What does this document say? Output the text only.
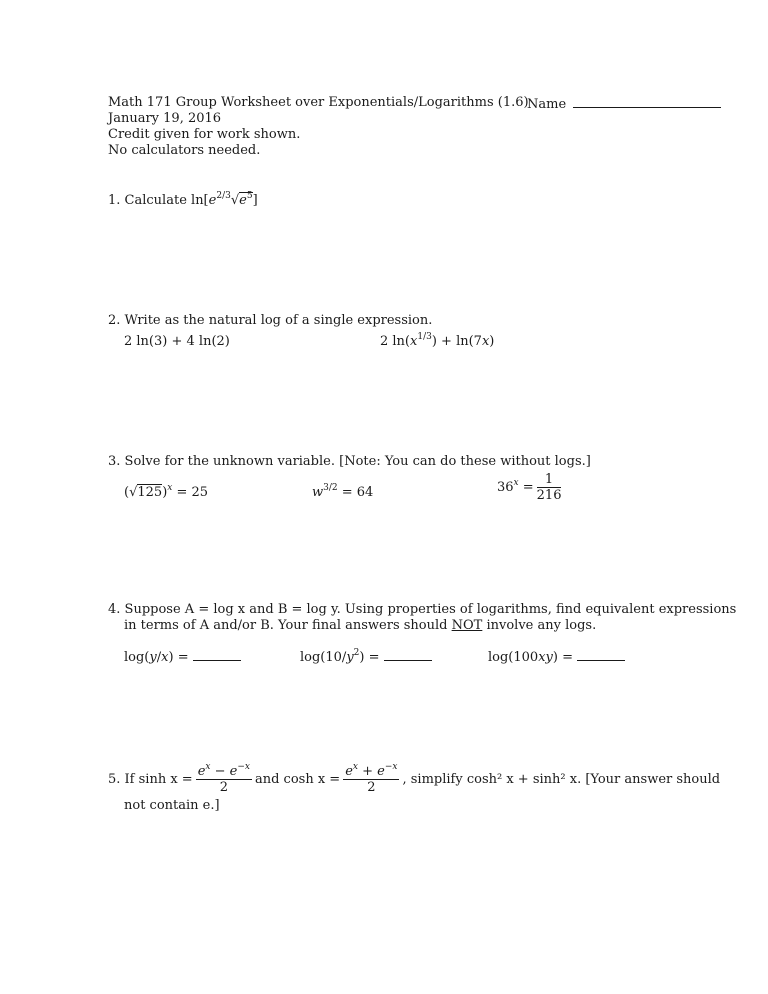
Math 171 Group Worksheet over Exponentials/Logarithms (1.6)
January 19, 2016
Credit given for work shown.
No calculators needed.
Name
1. Calculate $\ln[e^{2/3}√e^5]$
2. Write as the natural log of a single expression.
2 ln(3) + 4 ln(2)	2 $\ln(x^{1/3}) + \ln(7x)$
3. Solve for the unknown variable. [Note: You can do these without logs.]
$(√125)^x = 25$	$w^{3/2} = 64$	$36^x = \frac{1}{216}$
4. Suppose A = log x and B = log y. Using properties of logarithms, find equivalent expressions
in terms of A and/or B. Your final answers should NOT involve any logs.
log(y/x) =	$\log(10/y^2)$ =	log(100xy) =
5. If $\sinh x = \frac{e^x - e^{-x}}{2}$ and $\cosh x = \frac{e^x + e^{-x}}{2}$ , simplify cosh² x + sinh² x. [Your answer should
not contain e.]
